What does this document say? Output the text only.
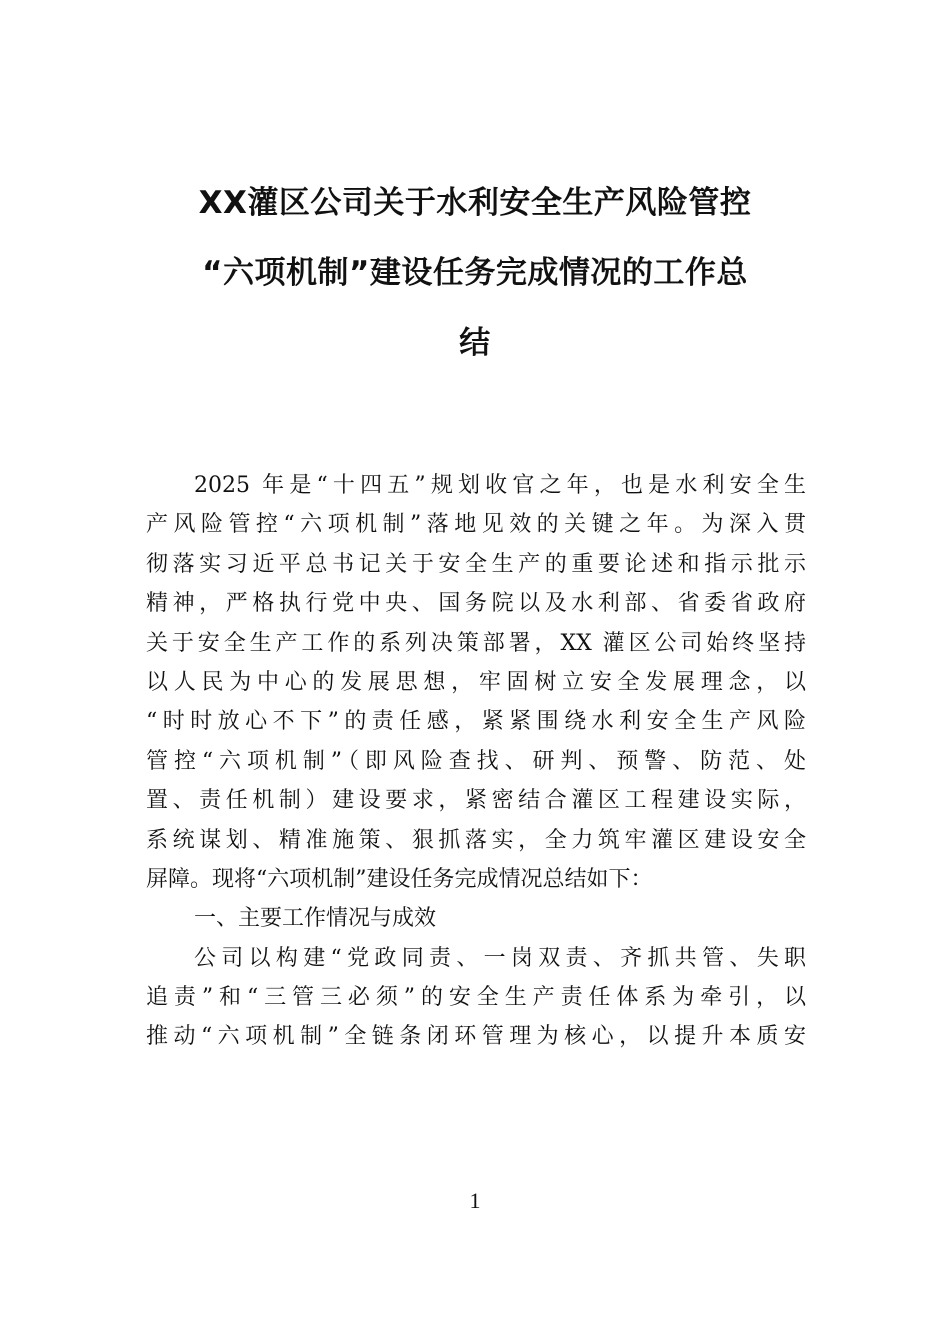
XX灌区公司关于水利安全生产风险管控
“六项机制”建设任务完成情况的工作总
结
2025 年是“十四五”规划收官之年，也是水利安全生
产风险管控“六项机制”落地见效的关键之年。为深入贯
彻落实习近平总书记关于安全生产的重要论述和指示批示
精神，严格执行党中央、国务院以及水利部、省委省政府
关于安全生产工作的系列决策部署，XX 灌区公司始终坚持
以人民为中心的发展思想，牢固树立安全发展理念，以
“时时放心不下”的责任感，紧紧围绕水利安全生产风险
管控“六项机制”（即风险查找、研判、预警、防范、处
置、责任机制）建设要求，紧密结合灌区工程建设实际，
系统谋划、精准施策、狠抓落实，全力筑牢灌区建设安全
屏障。现将“六项机制”建设任务完成情况总结如下：
一、主要工作情况与成效
公司以构建“党政同责、一岗双责、齐抓共管、失职
追责”和“三管三必须”的安全生产责任体系为牵引，以
推动“六项机制”全链条闭环管理为核心，以提升本质安
1
